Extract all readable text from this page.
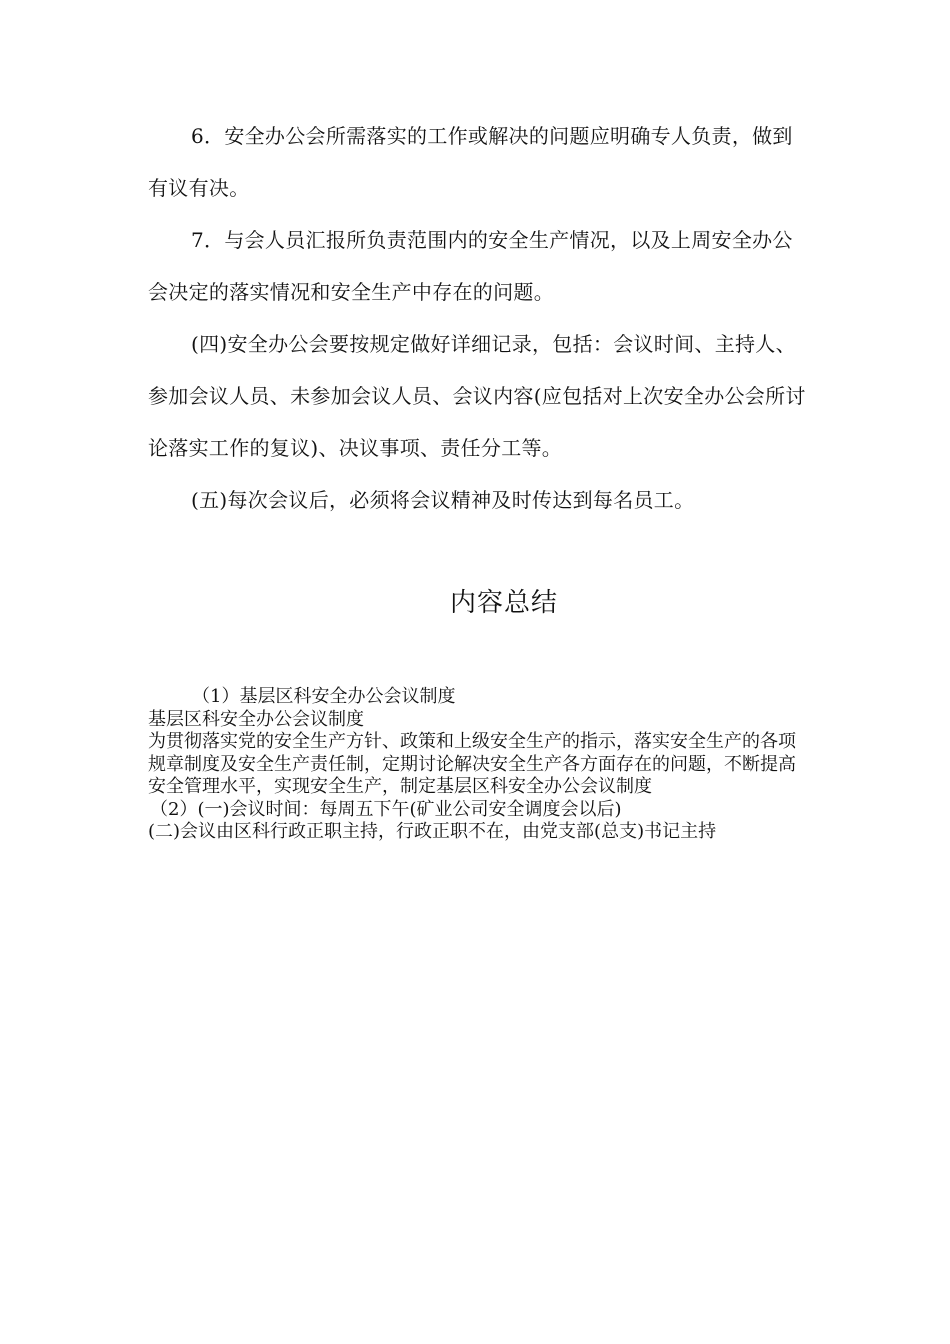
6．安全办公会所需落实的工作或解决的问题应明确专人负责，做到有议有决。

7．与会人员汇报所负责范围内的安全生产情况，以及上周安全办公会决定的落实情况和安全生产中存在的问题。

(四)安全办公会要按规定做好详细记录，包括：会议时间、主持人、参加会议人员、未参加会议人员、会议内容(应包括对上次安全办公会所讨论落实工作的复议)、决议事项、责任分工等。

(五)每次会议后，必须将会议精神及时传达到每名员工。

内容总结

（1）基层区科安全办公会议制度

基层区科安全办公会议制度

为贯彻落实党的安全生产方针、政策和上级安全生产的指示，落实安全生产的各项规章制度及安全生产责任制，定期讨论解决安全生产各方面存在的问题，不断提高安全管理水平，实现安全生产，制定基层区科安全办公会议制度

（2）(一)会议时间：每周五下午(矿业公司安全调度会以后)

(二)会议由区科行政正职主持，行政正职不在，由党支部(总支)书记主持
